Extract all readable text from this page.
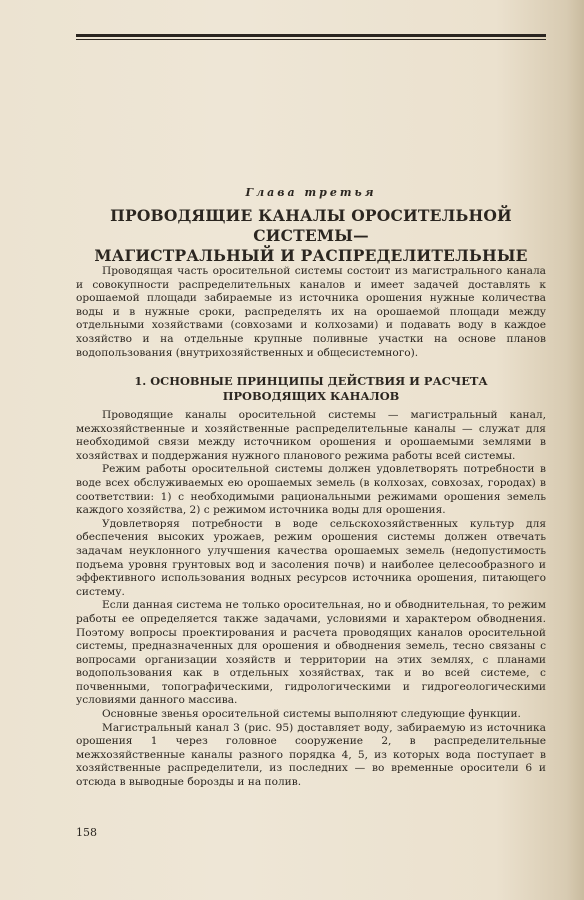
Глава третья
ПРОВОДЯЩИЕ КАНАЛЫ ОРОСИТЕЛЬНОЙ СИСТЕМЫ—
МАГИСТРАЛЬНЫЙ И РАСПРЕДЕЛИТЕЛЬНЫЕ

Проводящая часть оросительной системы состоит из магистрального канала и совокупности распределительных каналов и имеет задачей доставлять к орошаемой площади забираемые из источника орошения нужные количества воды и в нужные сроки, распределять их на орошаемой площади между отдельными хозяйствами (совхозами и колхозами) и подавать воду в каждое хозяйство и на отдельные крупные поливные участки на основе планов водопользования (внутрихозяйственных и общесистемного).

1. ОСНОВНЫЕ ПРИНЦИПЫ ДЕЙСТВИЯ И РАСЧЕТА
ПРОВОДЯЩИХ КАНАЛОВ

Проводящие каналы оросительной системы — магистральный канал, межхозяйственные и хозяйственные распределительные каналы — служат для необходимой связи между источником орошения и орошаемыми землями в хозяйствах и поддержания нужного планового режима работы всей системы.

Режим работы оросительной системы должен удовлетворять потребности в воде всех обслуживаемых ею орошаемых земель (в колхозах, совхозах, городах) в соответствии: 1) с необходимыми рациональными режимами орошения земель каждого хозяйства, 2) с режимом источника воды для орошения.

Удовлетворяя потребности в воде сельскохозяйственных культур для обеспечения высоких урожаев, режим орошения системы должен отвечать задачам неуклонного улучшения качества орошаемых земель (недопустимость подъема уровня грунтовых вод и засоления почв) и наиболее целесообразного и эффективного использования водных ресурсов источника орошения, питающего систему.

Если данная система не только оросительная, но и обводнительная, то режим работы ее определяется также задачами, условиями и характером обводнения. Поэтому вопросы проектирования и расчета проводящих каналов оросительной системы, предназначенных для орошения и обводнения земель, тесно связаны с вопросами организации хозяйств и территории на этих землях, с планами водопользования как в отдельных хозяйствах, так и во всей системе, с почвенными, топографическими, гидрологическими и гидрогеологическими условиями данного массива.

Основные звенья оросительной системы выполняют следующие функции.

Магистральный канал 3 (рис. 95) доставляет воду, забираемую из источника орошения 1 через головное сооружение 2, в распределительные межхозяйственные каналы разного порядка 4, 5, из которых вода поступает в хозяйственные распределители, из последних — во временные оросители 6 и отсюда в выводные борозды и на полив.

158
